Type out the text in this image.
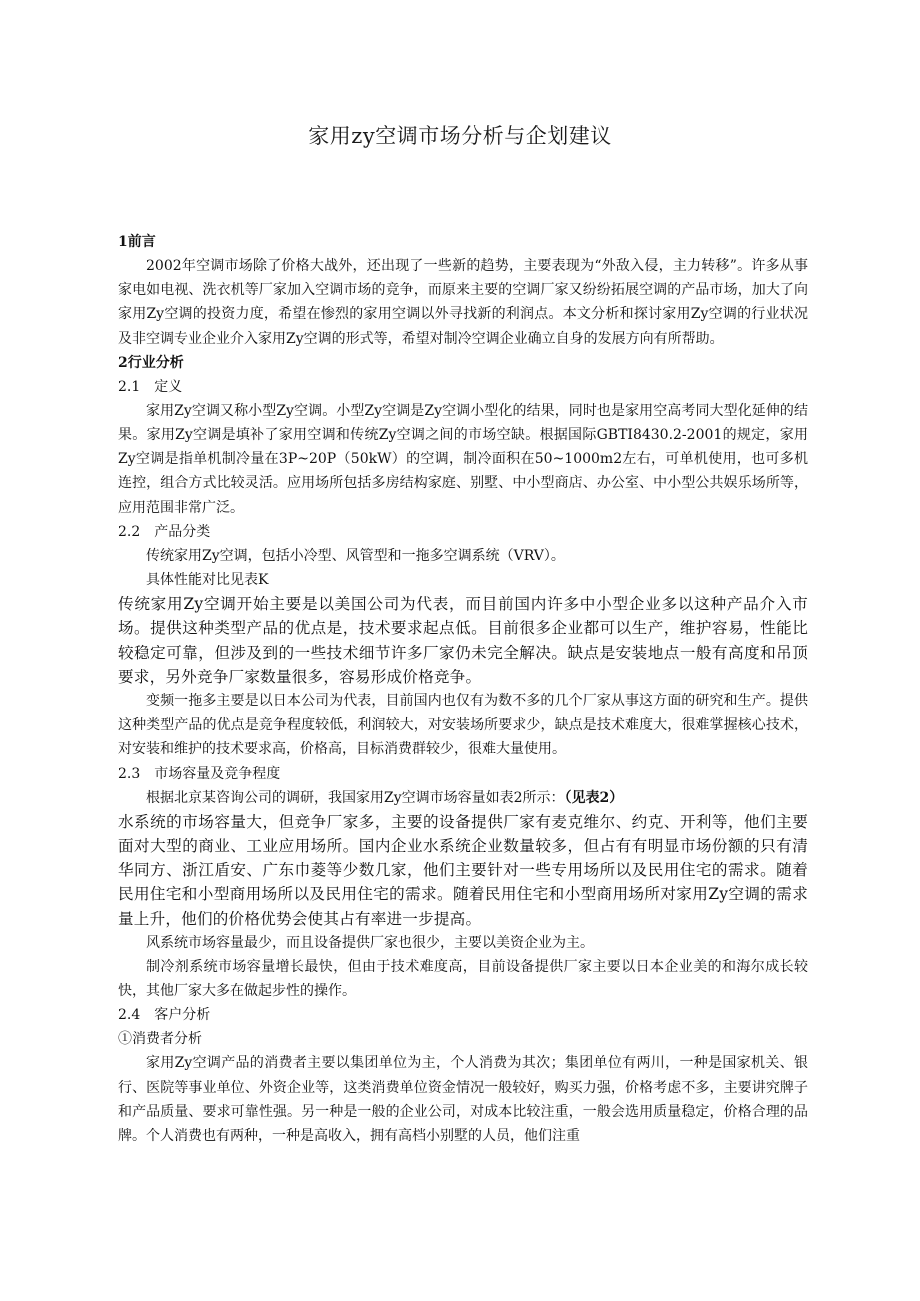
家用zy空调市场分析与企划建议
1前言

2002年空调市场除了价格大战外，还出现了一些新的趋势，主要表现为“外敌入侵，主力转移”。许多从事家电如电视、洗衣机等厂家加入空调市场的竞争，而原来主要的空调厂家又纷纷拓展空调的产品市场，加大了向家用Zy空调的投资力度，希望在惨烈的家用空调以外寻找新的利润点。本文分析和探讨家用Zy空调的行业状况及非空调专业企业介入家用Zy空调的形式等，希望对制冷空调企业确立自身的发展方向有所帮助。

2行业分析
2.1　定义

家用Zy空调又称小型Zy空调。小型Zy空调是Zy空调小型化的结果，同时也是家用空高考同大型化延伸的结果。家用Zy空调是填补了家用空调和传统Zy空调之间的市场空缺。根据国际GBTI8430.2-2001的规定，家用Zy空调是指单机制冷量在3P~20P（50kW）的空调，制冷面积在50~1000m2左右，可单机使用，也可多机连控，组合方式比较灵活。应用场所包括多房结构家庭、别墅、中小型商店、办公室、中小型公共娱乐场所等，应用范围非常广泛。

2.2　产品分类

传统家用Zy空调，包括小冷型、风管型和一拖多空调系统（VRV）。

具体性能对比见表K

传统家用Zy空调开始主要是以美国公司为代表，而目前国内许多中小型企业多以这种产品介入市场。提供这种类型产品的优点是，技术要求起点低。目前很多企业都可以生产，维护容易，性能比较稳定可靠，但涉及到的一些技术细节许多厂家仍未完全解决。缺点是安装地点一般有高度和吊顶要求，另外竞争厂家数量很多，容易形成价格竞争。

变频一拖多主要是以日本公司为代表，目前国内也仅有为数不多的几个厂家从事这方面的研究和生产。提供这种类型产品的优点是竞争程度较低，利润较大，对安装场所要求少，缺点是技术难度大，很难掌握核心技术，对安装和维护的技术要求高，价格高，目标消费群较少，很难大量使用。

2.3　市场容量及竞争程度

根据北京某咨询公司的调研，我国家用Zy空调市场容量如表2所示：（见表2）

水系统的市场容量大，但竞争厂家多，主要的设备提供厂家有麦克维尔、约克、开利等，他们主要面对大型的商业、工业应用场所。国内企业水系统企业数量较多，但占有有明显市场份额的只有清华同方、浙江盾安、广东巾菱等少数几家，他们主要针对一些专用场所以及民用住宅的需求。随着民用住宅和小型商用场所以及民用住宅的需求。随着民用住宅和小型商用场所对家用Zy空调的需求量上升，他们的价格优势会使其占有率进一步提高。

风系统市场容量最少，而且设备提供厂家也很少，主要以美资企业为主。

制冷剂系统市场容量增长最快，但由于技术难度高，目前设备提供厂家主要以日本企业美的和海尔成长较快，其他厂家大多在做起步性的操作。

2.4　客户分析
①消费者分析

家用Zy空调产品的消费者主要以集团单位为主，个人消费为其次；集团单位有两川，一种是国家机关、银行、医院等事业单位、外资企业等，这类消费单位资金情况一般较好，购买力强，价格考虑不多，主要讲究牌子和产品质量、要求可靠性强。另一种是一般的企业公司，对成本比较注重，一般会选用质量稳定，价格合理的品牌。个人消费也有两种，一种是高收入，拥有高档小别墅的人员，他们注重
